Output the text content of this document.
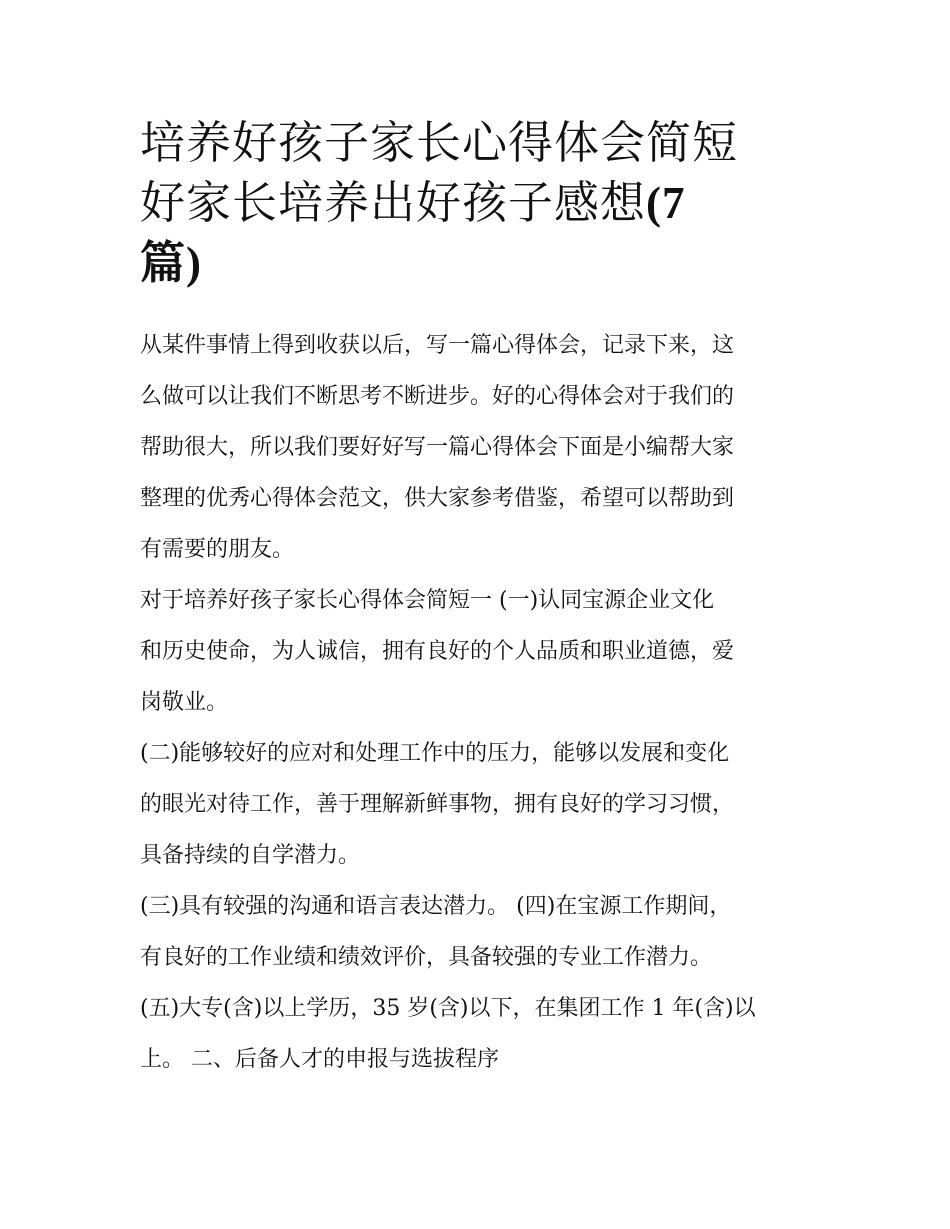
培养好孩子家长心得体会简短
好家长培养出好孩子感想(7
篇)
从某件事情上得到收获以后，写一篇心得体会，记录下来，这
么做可以让我们不断思考不断进步。好的心得体会对于我们的
帮助很大，所以我们要好好写一篇心得体会下面是小编帮大家
整理的优秀心得体会范文，供大家参考借鉴，希望可以帮助到
有需要的朋友。
对于培养好孩子家长心得体会简短一 (一)认同宝源企业文化
和历史使命，为人诚信，拥有良好的个人品质和职业道德，爱
岗敬业。
(二)能够较好的应对和处理工作中的压力，能够以发展和变化
的眼光对待工作，善于理解新鲜事物，拥有良好的学习习惯，
具备持续的自学潜力。
(三)具有较强的沟通和语言表达潜力。 (四)在宝源工作期间，
有良好的工作业绩和绩效评价，具备较强的专业工作潜力。
(五)大专(含)以上学历，35 岁(含)以下，在集团工作 1 年(含)以
上。 二、后备人才的申报与选拔程序
